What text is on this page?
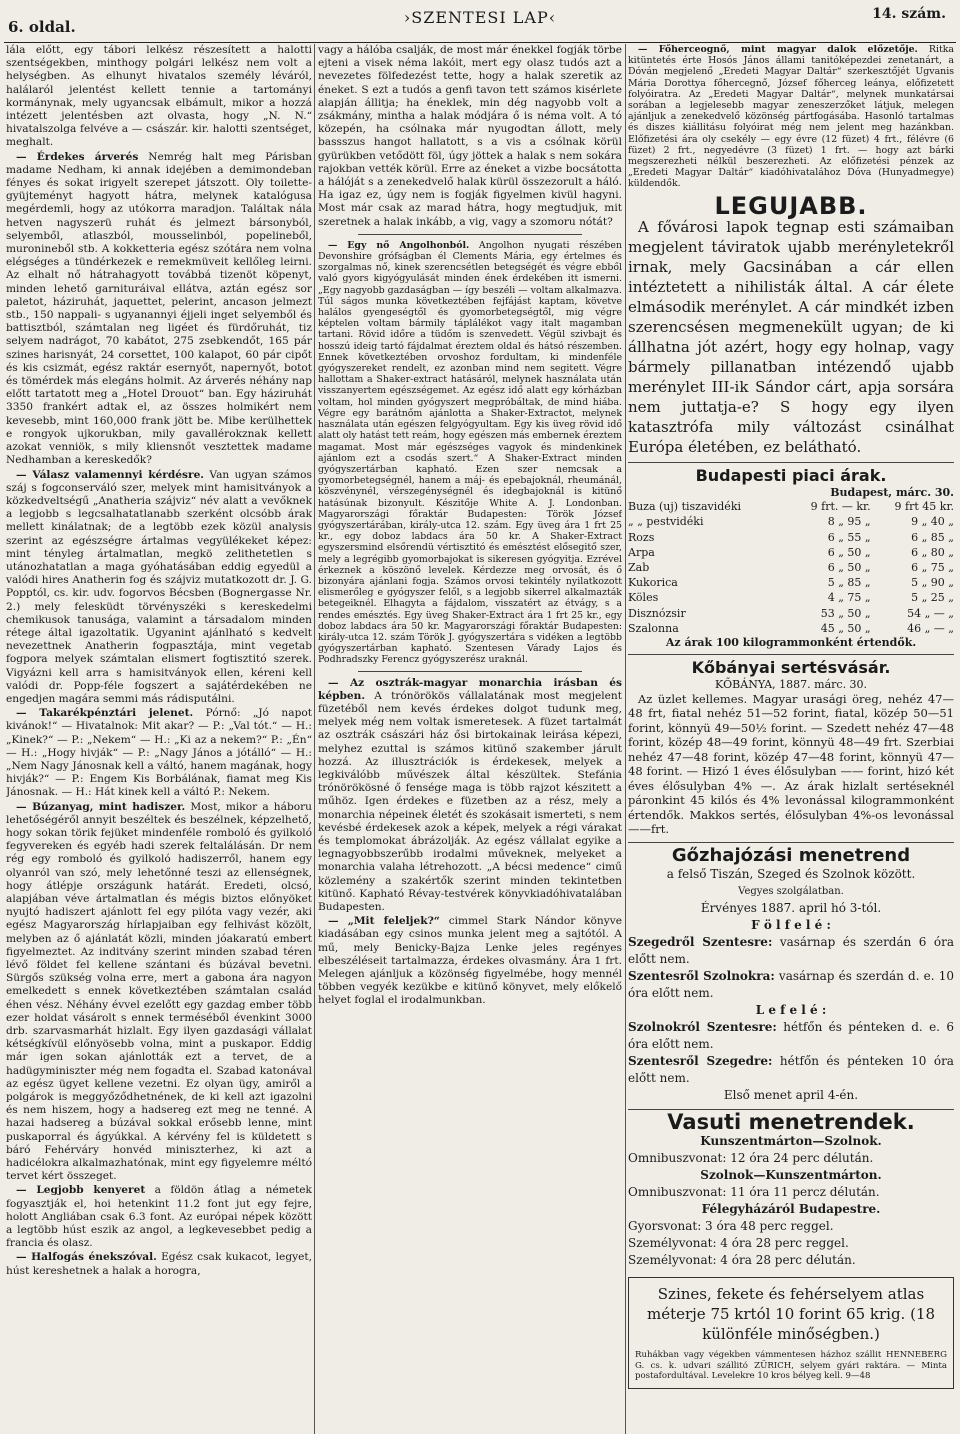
6. oldal.	›SZENTESI LAP‹	14. szám.

lála előtt, egy tábori lelkész részesített a halotti szentségekben, minthogy polgári lelkész nem volt a helységben. As elhunyt hivatalos személy léváról, halálaról jelentést kellett tennie a tartományi kormánynak, mely ugyancsak elbámult, mikor a hozzá intézett jelentésben azt olvasta, hogy „N. N.“ hivatalszolga felvéve a — császár. kir. halotti szentséget, meghalt.

— Érdekes árverés Nemrég halt meg Párisban madame Nedham, ki annak idejében a demimondeban fényes és sokat irigyelt szerepet játszott. Oly toilette-gyüjteményt hagyott hátra, melynek katalógusa megérdemli, hogy az utókorra maradjon. Találtak nála hetven nagyszerü ruhát és jelmezt bársonyból, selyemből, atlaszból, mousselinból, popelineből, muronineből stb. A kokketteria egész szótára nem volna elégséges a tündérkezek e remekmüveit kellőleg leirni. Az elhalt nő hátrahagyott továbbá tizenöt köpenyt, minden lehető garnituráival ellátva, aztán egész sor paletot, háziruhát, jaquettet, pelerint, ancason jelmezt stb., 150 nappali- s ugyanannyi éjjeli inget selyemből és battisztból, számtalan neg ligéet és fürdőruhát, tiz selyem nadrágot, 70 kabátot, 275 zsebkendőt, 165 pár szines harisnyát, 24 corsettet, 100 kalapot, 60 pár cipőt és kis csizmát, egész raktár esernyőt, napernyőt, botot és tömérdek más elegáns holmit. Az árverés néhány nap előtt tartatott meg a „Hotel Drouot“ ban. Egy háziruhát 3350 frankért adtak el, az összes holmikért nem kevesebb, mint 160,000 frank jött be. Mibe kerülhettek e rongyok ujkorukban, mily gavallérokznak kellett azokat venniök, s mily kliensnőt vesztettek madame Nedhamban a kereskedők?

— Válasz valamennyi kérdésre. Van ugyan számos száj s fogconserváló szer, melyek mint hamisitványok a közkedveltségű „Anatheria szájviz“ név alatt a vevőknek a legjobb s legcsalhatatlanabb szerként olcsóbb árak mellett kinálatnak; de a legtöbb ezek közül analysis szerint az egészségre ártalmas vegyülékeket képez: mint tényleg ártalmatlan, megkö zelithetetlen s utánozhatatlan a maga gyóhatásában eddig egyedül a valódi hires Anatherin fog és szájviz mutatkozott dr. J. G. Popptól, cs. kir. udv. fogorvos Bécsben (Bognergasse Nr. 2.) mely felesküdt törvényszéki s kereskedelmi chemikusok tanusága, valamint a társadalom minden rétege által igazoltatik. Ugyanint ajánlható s kedvelt nevezettnek Anatherin fogpasztája, mint vegetab fogpora melyek számtalan elismert fogtisztitó szerek. Vigyázni kell arra s hamisitványok ellen, kéreni kell valódi dr. Popp-féle fogszert a sajátérdekében ne engedjen magára semmi más rádisputálni.

— Takarékpénztári jelenet. Pórnő: „Jó napot kivánok!“ — Hivatalnok: Mit akar? — P.: „Val tót.“ — H.: „Kinek?“ — P.: „Nekem“ — H.: „Ki az a nekem?“ P.: „Én“ — H.: „Hogy hivják“ — P.: „Nagy János a jótálló“ — H.: „Nem Nagy Jánosnak kell a váltó, hanem magának, hogy hivják?“ — P.: Engem Kis Borbálának, fiamat meg Kis Jánosnak. — H.: Hát kinek kell a váltó P.: Nekem.

— Búzanyag, mint hadiszer. Most, mikor a háboru lehetőségéről annyit beszéltek és beszélnek, képzelhető, hogy sokan törik fejüket mindenféle romboló és gyilkoló fegyvereken és egyéb hadi szerek feltalálásán. Dr nem rég egy romboló és gyilkoló hadiszerről, hanem egy olyanról van szó, mely lehetőnné teszi az ellenségnek, hogy átlépje országunk határát. Eredeti, olcsó, alapjában véve ártalmatlan és mégis biztos előnyöket nyujtó hadiszert ajánlott fel egy pilóta vagy vezér, aki egész Magyarország hírlapjaiban egy felhivást közölt, melyben az ő ajánlatát közli, minden jóakaratú embert figyelmeztet. Az inditvány szerint minden szabad téren lévő földet fel kellene szántani és búzával bevetni. Sürgős szükség volna erre, mert a gabona ára nagyon emelkedett s ennek következtében számtalan család éhen vész. Néhány évvel ezelőtt egy gazdag ember több ezer holdat vásárolt s ennek terméséből évenkint 3000 drb. szarvasmarhát hizlalt. Egy ilyen gazdasági vállalat kétségkívül előnyösebb volna, mint a puskapor. Eddig már igen sokan ajánlották ezt a tervet, de a hadügyminiszter még nem fogadta el. Szabad katonával az egész ügyet kellene vezetni. Ez olyan ügy, amiről a polgárok is meggyőződhetnének, de ki kell azt igazolni és nem hiszem, hogy a hadsereg ezt meg ne tenné. A hazai hadsereg a búzával sokkal erősebb lenne, mint puskaporral és ágyúkkal. A kérvény fel is küldetett s báró Fehérváry honvéd miniszterhez, ki azt a hadicélokra alkalmazhatónak, mint egy figyelemre méltó tervet kért összeget.

— Legjobb kenyeret a földön átlag a németek fogyasztják el, hoi hetenkint 11.2 font jut egy fejre, holott Angliában csak 6.3 font. Az európai népek között a legtöbb húst eszik az angol, a legkevesebbet pedig a francia és olasz.

— Halfogás énekszóval. Egész csak kukacot, legyet, húst kereshetnek a halak a horogra,

vagy a hálóba csalják, de most már énekkel fogják törbe ejteni a visek néma lakóit, mert egy olasz tudós azt a nevezetes fölfedezést tette, hogy a halak szeretik az éneket. S ezt a tudós a genfi tavon tett számos kisérlete alapján állitja; ha éneklek, min dég nagyobb volt a zsákmány, mintha a halak módjára ő is néma volt. A tó közepén, ha csólnaka már nyugodtan állott, mely bassszus hangot hallatott, s a vis a csólnak körül gyürükben vetődött föl, úgy jöttek a halak s nem sokára rajokban vették körül. Erre az éneket a vizbe bocsátotta a hálóját s a zenekedvelő halak kürül összezorult a háló. Ha igaz ez, úgy nem is fogják figyelmen kivül hagyni. Most már csak az marad hátra, hogy megtudjuk, mit szeretnek a halak inkább, a vig, vagy a szomoru nótát?

— Egy nő Angolhonból. Angolhon nyugati részében Devonshire grófságban él Clements Mária, egy értelmes és szorgalmas nő, kinek szerencsétlen betegségét és végre ebből való gyors kigyógyulását minden ének érdekében itt ismerni. „Egy nagyobb gazdaságban — így beszéli — voltam alkalmazva. Túl ságos munka következtében fejfájást kaptam, követve halálos gyengeségtől és gyomorbetegségtől, mig végre képtelen voltam bármily táplálékot vagy italt magamban tartani. Rövid időre a tüdőm is szenvedett. Végül szivbajt és hosszú ideig tartó fájdalmat éreztem oldal és hátsó részemben. Ennek következtében orvoshoz fordultam, ki mindenféle gyógyszereket rendelt, ez azonban mind nem segitett. Végre hallottam a Shaker-extract hatásáról, melynek használata után visszanyertem egészségemet. Az egész idő alatt egy kórházban voltam, hol minden gyógyszert megpróbáltak, de mind hiába. Végre egy barátnőm ajánlotta a Shaker-Extractot, melynek használata után egészen felgyógyultam. Egy kis üveg rövid idő alatt oly hatást tett reám, hogy egészen más embernek éreztem magamat. Most már egészséges vagyok és mindenkinek ajánlom ezt a csodás szert.“ A Shaker-Extract minden gyógyszertárban kapható. Ezen szer nemcsak a gyomorbetegségnél, hanem a máj- és epebajoknál, rheumánál, köszvénynél, vérszegénységnél és idegbajoknál is kitünő hatásúnak bizonyult. Készitője White A. J. Londonban. Magyarországi főraktár Budapesten: Török József gyógyszertárában, király-utca 12. szám. Egy üveg ára 1 frt 25 kr., egy doboz labdacs ára 50 kr. A Shaker-Extract egyszersmind elsőrendü vértisztitó és emésztést elősegitő szer, mely a legrégibb gyomorbajokat is sikeresen gyógyitja. Ezrével érkeznek a köszönő levelek. Kérdezze meg orvosát, és ő bizonyára ajánlani fogja. Számos orvosi tekintély nyilatkozott elismerőleg e gyógyszer felől, s a legjobb sikerrel alkalmazták betegeiknél. Elhagyta a fájdalom, visszatért az étvágy, s a rendes emésztés. Egy üveg Shaker-Extract ára 1 frt 25 kr., egy doboz labdacs ára 50 kr. Magyarországi főraktár Budapesten: király-utca 12. szám Török J. gyógyszertára s vidéken a legtöbb gyógyszertárban kapható. Szentesen Várady Lajos és Podhradszky Ferencz gyógyszerész uraknál.

— Az osztrák-magyar monarchia irásban és képben. A trónörökös vállalatának most megjelent füzetéből nem kevés érdekes dolgot tudunk meg, melyek még nem voltak ismeretesek. A füzet tartalmát az osztrák császári ház ősi birtokainak leirása képezi, melyhez ezuttal is számos kitünő szakember járult hozzá. Az illusztrációk is érdekesek, melyek a legkiválóbb művészek által készültek. Stefánia trónörökösné ő fensége maga is több rajzot készitett a műhöz. Igen érdekes e füzetben az a rész, mely a monarchia népeinek életét és szokásait ismerteti, s nem kevésbé érdekesek azok a képek, melyek a régi várakat és templomokat ábrázolják. Az egész vállalat egyike a legnagyobbszerűbb irodalmi műveknek, melyeket a monarchia valaha létrehozott. „A bécsi medence“ cimű közlemény a szakértők szerint minden tekintetben kitünő. Kapható Révay-testvérek könyvkiadóhivatalában Budapesten.

— „Mit feleljek?“ cimmel Stark Nándor könyve kiadásában egy csinos munka jelent meg a sajtótól. A mű, mely Benicky-Bajza Lenke jeles regényes elbeszéléseit tartalmazza, érdekes olvasmány. Ára 1 frt. Melegen ajánljuk a közönség figyelmébe, hogy mennél többen vegyék kezükbe e kitünő könyvet, mely előkelő helyet foglal el irodalmunkban.

— Főherceognő, mint magyar dalok előzetője. Ritka kitüntetés érte Hosós János állami tanitóképezdei zenetanárt, a Dóván megjelenő „Eredeti Magyar Daltár“ szerkesztőjét Ugvanis Mária Dorottya főhercegnő, József főherceg leánya, előfizetett folyóiratra. Az „Eredeti Magyar Daltár“, melynek munkatársai sorában a legjelesebb magyar zeneszerzőket látjuk, melegen ajánljuk a zenekedvelő közönség pártfogásába. Hasonló tartalmas és diszes kiállitásu folyóirat még nem jelent meg hazánkban. Előfizetési ára oly csekély — egy évre (12 füzet) 4 frt., félévre (6 füzet) 2 frt., negyedévre (3 füzet) 1 frt. — hogy azt bárki megszerezheti nélkül beszerezheti. Az előfizetési pénzek az „Eredeti Magyar Daltár“ kiadóhivatalához Dóva (Hunyadmegye) küldendők.

LEGUJABB.

A fővárosi lapok tegnap esti számaiban megjelent táviratok ujabb merényletekről irnak, mely Gacsinában a cár ellen intéztetett a nihilisták által. A cár élete elmásodik merénylet. A cár mindkét izben szerencsésen megmenekült ugyan; de ki állhatna jót azért, hogy egy holnap, vagy bármely pillanatban intézendő ujabb merénylet III-ik Sándor cárt, apja sorsára nem juttatja-e? S hogy egy ilyen katasztrófa mily változást csinálhat Európa életében, ez belátható.

Budapesti piaci árak.
Budapest, márc. 30.
Buza (uj) tiszavidéki	9 frt. — kr.	9 frt 45 kr.
„ „ pestvidéki	8 „ 95 „	9 „ 40 „
Rozs	6 „ 55 „	6 „ 85 „
Arpa	6 „ 50 „	6 „ 80 „
Zab	6 „ 50 „	6 „ 75 „
Kukorica	5 „ 85 „	5 „ 90 „
Köles	4 „ 75 „	5 „ 25 „
Disznózsir	53 „ 50 „	54 „ — „
Szalonna	45 „ 50 „	46 „ — „
Az árak 100 kilogrammonként értendők.
Kőbányai sertésvásár.
KŐBÁNYA, 1887. márc. 30.

Az üzlet kellemes. Magyar urasági öreg, nehéz 47—48 frt, fiatal nehéz 51—52 forint, fiatal, közép 50—51 forint, könnyü 49—50½ forint. — Szedett nehéz 47—48 forint, közép 48—49 forint, könnyü 48—49 frt. Szerbiai nehéz 47—48 forint, közép 47—48 forint, könnyü 47—48 forint. — Hizó 1 éves élősulyban —— forint, hizó két éves élősulyban 4% —. Az árak hizlalt sertéseknél páronkint 45 kilós és 4% levonással kilogrammonként értendők. Makkos sertés, élősulyban 4%-os levonással ——frt.

Gőzhajózási menetrend

a felső Tiszán, Szeged és Szolnok között.

Vegyes szolgálatban.

Érvényes 1887. april hó 3-tól.

F ö l f e l é :

Szegedről Szentesre: vasárnap és szerdán 6 óra előtt nem.

Szentesről Szolnokra: vasárnap és szerdán d. e. 10 óra előtt nem.

L e f e l é :

Szolnokról Szentesre: hétfőn és pénteken d. e. 6 óra előtt nem.

Szentesről Szegedre: hétfőn és pénteken 10 óra előtt nem.

Első menet april 4-én.

Vasuti menetrendek.

Kunszentmárton—Szolnok.

Omnibuszvonat: 12 óra 24 perc délután.

Szolnok—Kunszentmárton.

Omnibuszvonat: 11 óra 11 percz délután.

Félegyházáról Budapestre.

Gyorsvonat: 3 óra 48 perc reggel.

Személyvonat: 4 óra 28 perc reggel.

Személyvonat: 4 óra 28 perc délután.

Szines, fekete és fehérselyem atlas méterje 75 krtól 10 forint 65 krig. (18 különféle minőségben.)
Ruhákban vagy végekben vámmentesen házhoz szállit HENNEBERG G. cs. k. udvari szállitó ZÜRICH, selyem gyári raktára. — Minta postafordultával. Levelekre 10 kros bélyeg kell. 9—48
